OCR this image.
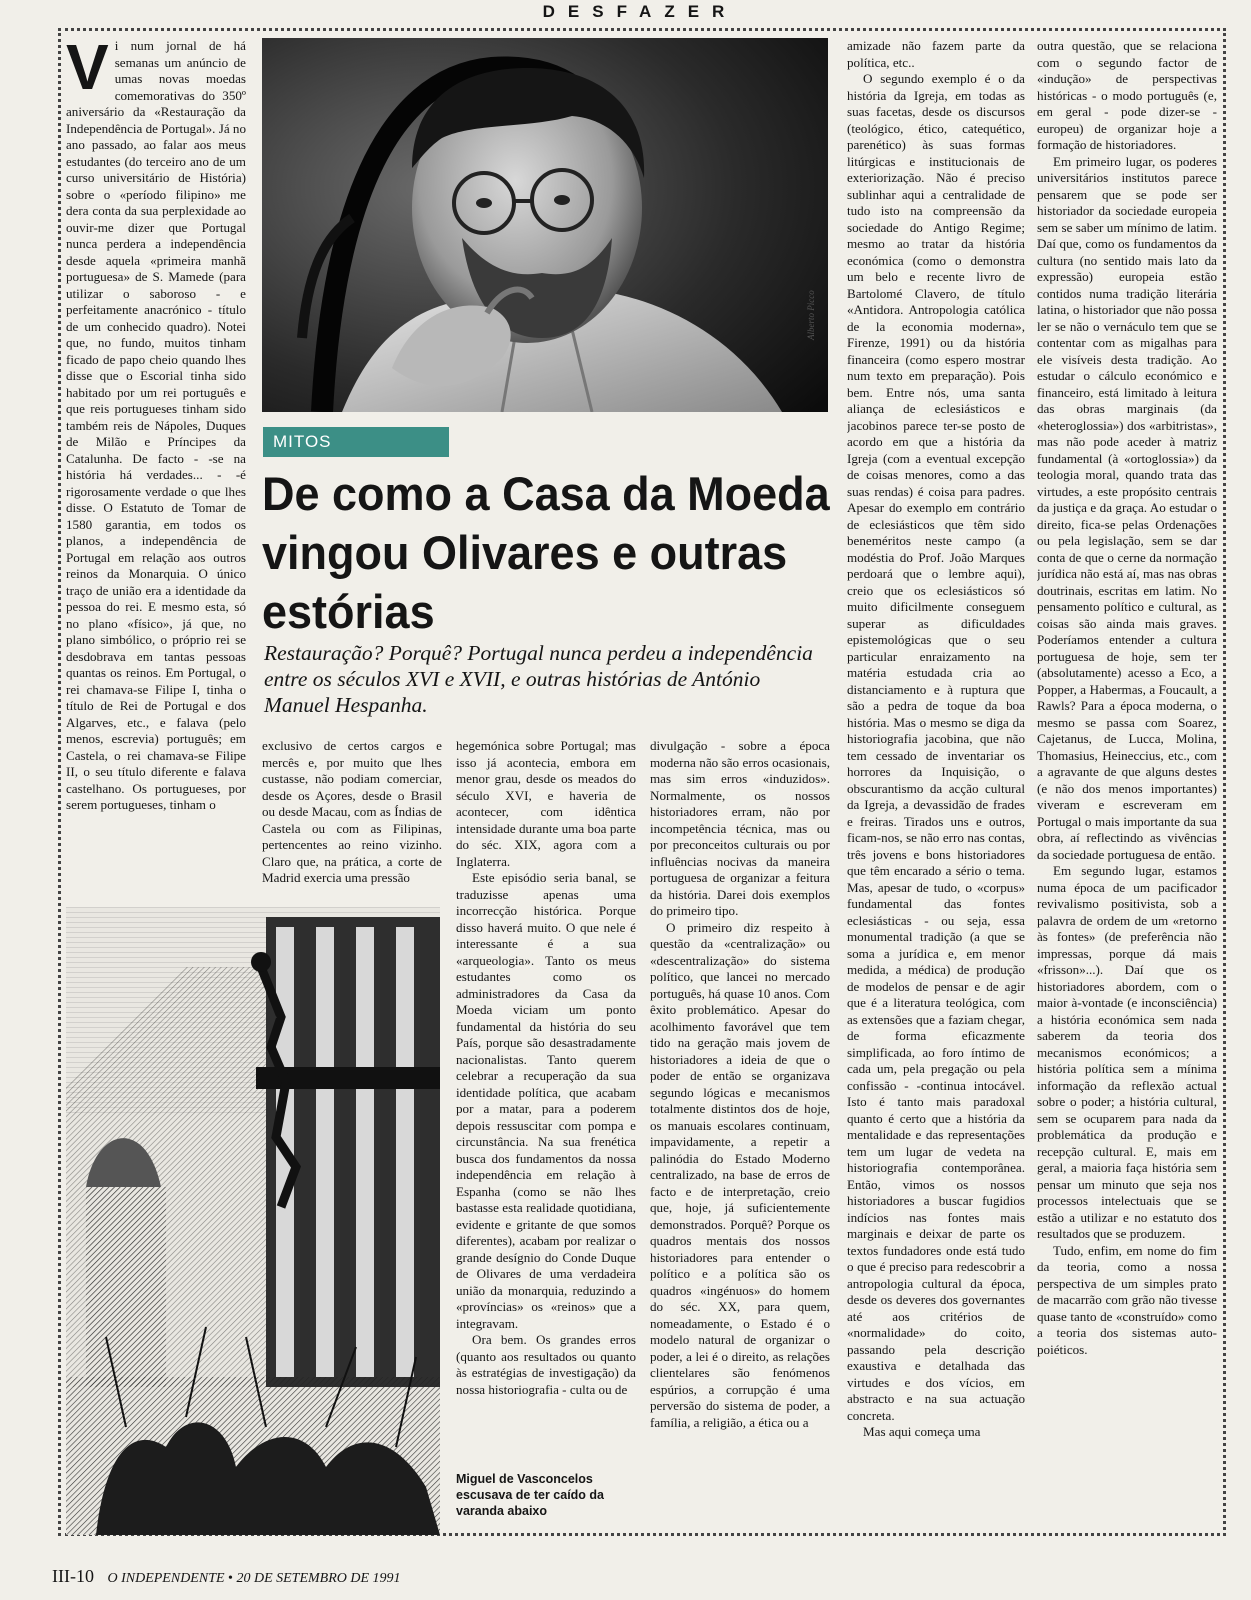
DESFAZER

Vi num jornal de há semanas um anúncio de umas novas moedas comemorativas do 350º aniversário da «Restauração da Independência de Portugal». Já no ano passado, ao falar aos meus estudantes (do terceiro ano de um curso universitário de História) sobre o «período filipino» me dera conta da sua perplexidade ao ouvir-me dizer que Portugal nunca perdera a independência desde aquela «primeira manhã portuguesa» de S. Mamede (para utilizar o saboroso - e perfeitamente anacrónico - título de um conhecido quadro). Notei que, no fundo, muitos tinham ficado de papo cheio quando lhes disse que o Escorial tinha sido habitado por um rei português e que reis portugueses tinham sido também reis de Nápoles, Duques de Milão e Príncipes da Catalunha. De facto - -se na história há verdades... - -é rigorosamente verdade o que lhes disse. O Estatuto de Tomar de 1580 garantia, em todos os planos, a independência de Portugal em relação aos outros reinos da Monarquia. O único traço de união era a identidade da pessoa do rei. E mesmo esta, só no plano «físico», já que, no plano simbólico, o próprio rei se desdobrava em tantas pessoas quantas os reinos. Em Portugal, o rei chamava-se Filipe I, tinha o título de Rei de Portugal e dos Algarves, etc., e falava (pelo menos, escrevia) português; em Castela, o rei chamava-se Filipe II, o seu título diferente e falava castelhano. Os portugueses, por serem portugueses, tinham o

Alberto Picco
MITOS
De como a Casa da Moeda vingou Olivares e outras estórias
Restauração? Porquê? Portugal nunca perdeu a independência entre os séculos XVI e XVII, e outras histórias de António Manuel Hespanha.

exclusivo de certos cargos e mercês e, por muito que lhes custasse, não podiam comerciar, desde os Açores, desde o Brasil ou desde Macau, com as Índias de Castela ou com as Filipinas, pertencentes ao reino vizinho. Claro que, na prática, a corte de Madrid exercia uma pressão

hegemónica sobre Portugal; mas isso já acontecia, embora em menor grau, desde os meados do século XVI, e haveria de acontecer, com idêntica intensidade durante uma boa parte do séc. XIX, agora com a Inglaterra.

Este episódio seria banal, se traduzisse apenas uma incorrecção histórica. Porque disso haverá muito. O que nele é interessante é a sua «arqueologia». Tanto os meus estudantes como os administradores da Casa da Moeda viciam um ponto fundamental da história do seu País, porque são desastradamente nacionalistas. Tanto querem celebrar a recuperação da sua identidade política, que acabam por a matar, para a poderem depois ressuscitar com pompa e circunstância. Na sua frenética busca dos fundamentos da nossa independência em relação à Espanha (como se não lhes bastasse esta realidade quotidiana, evidente e gritante de que somos diferentes), acabam por realizar o grande desígnio do Conde Duque de Olivares de uma verdadeira união da monarquia, reduzindo a «províncias» os «reinos» que a integravam.

Ora bem. Os grandes erros (quanto aos resultados ou quanto às estratégias de investigação) da nossa historiografia - culta ou de

Miguel de Vasconcelos escusava de ter caído da varanda abaixo

divulgação - sobre a época moderna não são erros ocasionais, mas sim erros «induzidos». Normalmente, os nossos historiadores erram, não por incompetência técnica, mas ou por preconceitos culturais ou por influências nocivas da maneira portuguesa de organizar a feitura da história. Darei dois exemplos do primeiro tipo.

O primeiro diz respeito à questão da «centralização» ou «descentralização» do sistema político, que lancei no mercado português, há quase 10 anos. Com êxito problemático. Apesar do acolhimento favorável que tem tido na geração mais jovem de historiadores a ideia de que o poder de então se organizava segundo lógicas e mecanismos totalmente distintos dos de hoje, os manuais escolares continuam, impavidamente, a repetir a palinódia do Estado Moderno centralizado, na base de erros de facto e de interpretação, creio que, hoje, já suficientemente demonstrados. Porquê? Porque os quadros mentais dos nossos historiadores para entender o político e a política são os quadros «ingénuos» do homem do séc. XX, para quem, nomeadamente, o Estado é o modelo natural de organizar o poder, a lei é o direito, as relações clientelares são fenómenos espúrios, a corrupção é uma perversão do sistema de poder, a família, a religião, a ética ou a

amizade não fazem parte da política, etc..

O segundo exemplo é o da história da Igreja, em todas as suas facetas, desde os discursos (teológico, ético, catequético, parenético) às suas formas litúrgicas e institucionais de exteriorização. Não é preciso sublinhar aqui a centralidade de tudo isto na compreensão da sociedade do Antigo Regime; mesmo ao tratar da história económica (como o demonstra um belo e recente livro de Bartolomé Clavero, de título «Antidora. Antropologia católica de la economia moderna», Firenze, 1991) ou da história financeira (como espero mostrar num texto em preparação). Pois bem. Entre nós, uma santa aliança de eclesiásticos e jacobinos parece ter-se posto de acordo em que a história da Igreja (com a eventual excepção de coisas menores, como a das suas rendas) é coisa para padres. Apesar do exemplo em contrário de eclesiásticos que têm sido beneméritos neste campo (a modéstia do Prof. João Marques perdoará que o lembre aqui), creio que os eclesiásticos só muito dificilmente conseguem superar as dificuldades epistemológicas que o seu particular enraizamento na matéria estudada cria ao distanciamento e à ruptura que são a pedra de toque da boa história. Mas o mesmo se diga da historiografia jacobina, que não tem cessado de inventariar os horrores da Inquisição, o obscurantismo da acção cultural da Igreja, a devassidão de frades e freiras. Tirados uns e outros, ficam-nos, se não erro nas contas, três jovens e bons historiadores que têm encarado a sério o tema. Mas, apesar de tudo, o «corpus» fundamental das fontes eclesiásticas - ou seja, essa monumental tradição (a que se soma a jurídica e, em menor medida, a médica) de produção de modelos de pensar e de agir que é a literatura teológica, com as extensões que a faziam chegar, de forma eficazmente simplificada, ao foro íntimo de cada um, pela pregação ou pela confissão - -continua intocável. Isto é tanto mais paradoxal quanto é certo que a história da mentalidade e das representações tem um lugar de vedeta na historiografia contemporânea. Então, vimos os nossos historiadores a buscar fugidios indícios nas fontes mais marginais e deixar de parte os textos fundadores onde está tudo o que é preciso para redescobrir a antropologia cultural da época, desde os deveres dos governantes até aos critérios de «normalidade» do coito, passando pela descrição exaustiva e detalhada das virtudes e dos vícios, em abstracto e na sua actuação concreta.

Mas aqui começa uma

outra questão, que se relaciona com o segundo factor de «indução» de perspectivas históricas - o modo português (e, em geral - pode dizer-se - europeu) de organizar hoje a formação de historiadores.

Em primeiro lugar, os poderes universitários institutos parece pensarem que se pode ser historiador da sociedade europeia sem se saber um mínimo de latim. Daí que, como os fundamentos da cultura (no sentido mais lato da expressão) europeia estão contidos numa tradição literária latina, o historiador que não possa ler se não o vernáculo tem que se contentar com as migalhas para ele visíveis desta tradição. Ao estudar o cálculo económico e financeiro, está limitado à leitura das obras marginais (da «heteroglossia») dos «arbitristas», mas não pode aceder à matriz fundamental (à «ortoglossia») da teologia moral, quando trata das virtudes, a este propósito centrais da justiça e da graça. Ao estudar o direito, fica-se pelas Ordenações ou pela legislação, sem se dar conta de que o cerne da normação jurídica não está aí, mas nas obras doutrinais, escritas em latim. No pensamento político e cultural, as coisas são ainda mais graves. Poderíamos entender a cultura portuguesa de hoje, sem ter (absolutamente) acesso a Eco, a Popper, a Habermas, a Foucault, a Rawls? Para a época moderna, o mesmo se passa com Soarez, Cajetanus, de Lucca, Molina, Thomasius, Heineccius, etc., com a agravante de que alguns destes (e não dos menos importantes) viveram e escreveram em Portugal o mais importante da sua obra, aí reflectindo as vivências da sociedade portuguesa de então.

Em segundo lugar, estamos numa época de um pacificador revivalismo positivista, sob a palavra de ordem de um «retorno às fontes» (de preferência não impressas, porque dá mais «frisson»...). Daí que os historiadores abordem, com o maior à-vontade (e inconsciência) a história económica sem nada saberem da teoria dos mecanismos económicos; a história política sem a mínima informação da reflexão actual sobre o poder; a história cultural, sem se ocuparem para nada da problemática da produção e recepção cultural. E, mais em geral, a maioria faça história sem pensar um minuto que seja nos processos intelectuais que se estão a utilizar e no estatuto dos resultados que se produzem.

Tudo, enfim, em nome do fim da teoria, como a nossa perspectiva de um simples prato de macarrão com grão não tivesse quase tanto de «construído» como a teoria dos sistemas auto-poiéticos.

III-10 O INDEPENDENTE • 20 DE SETEMBRO DE 1991
